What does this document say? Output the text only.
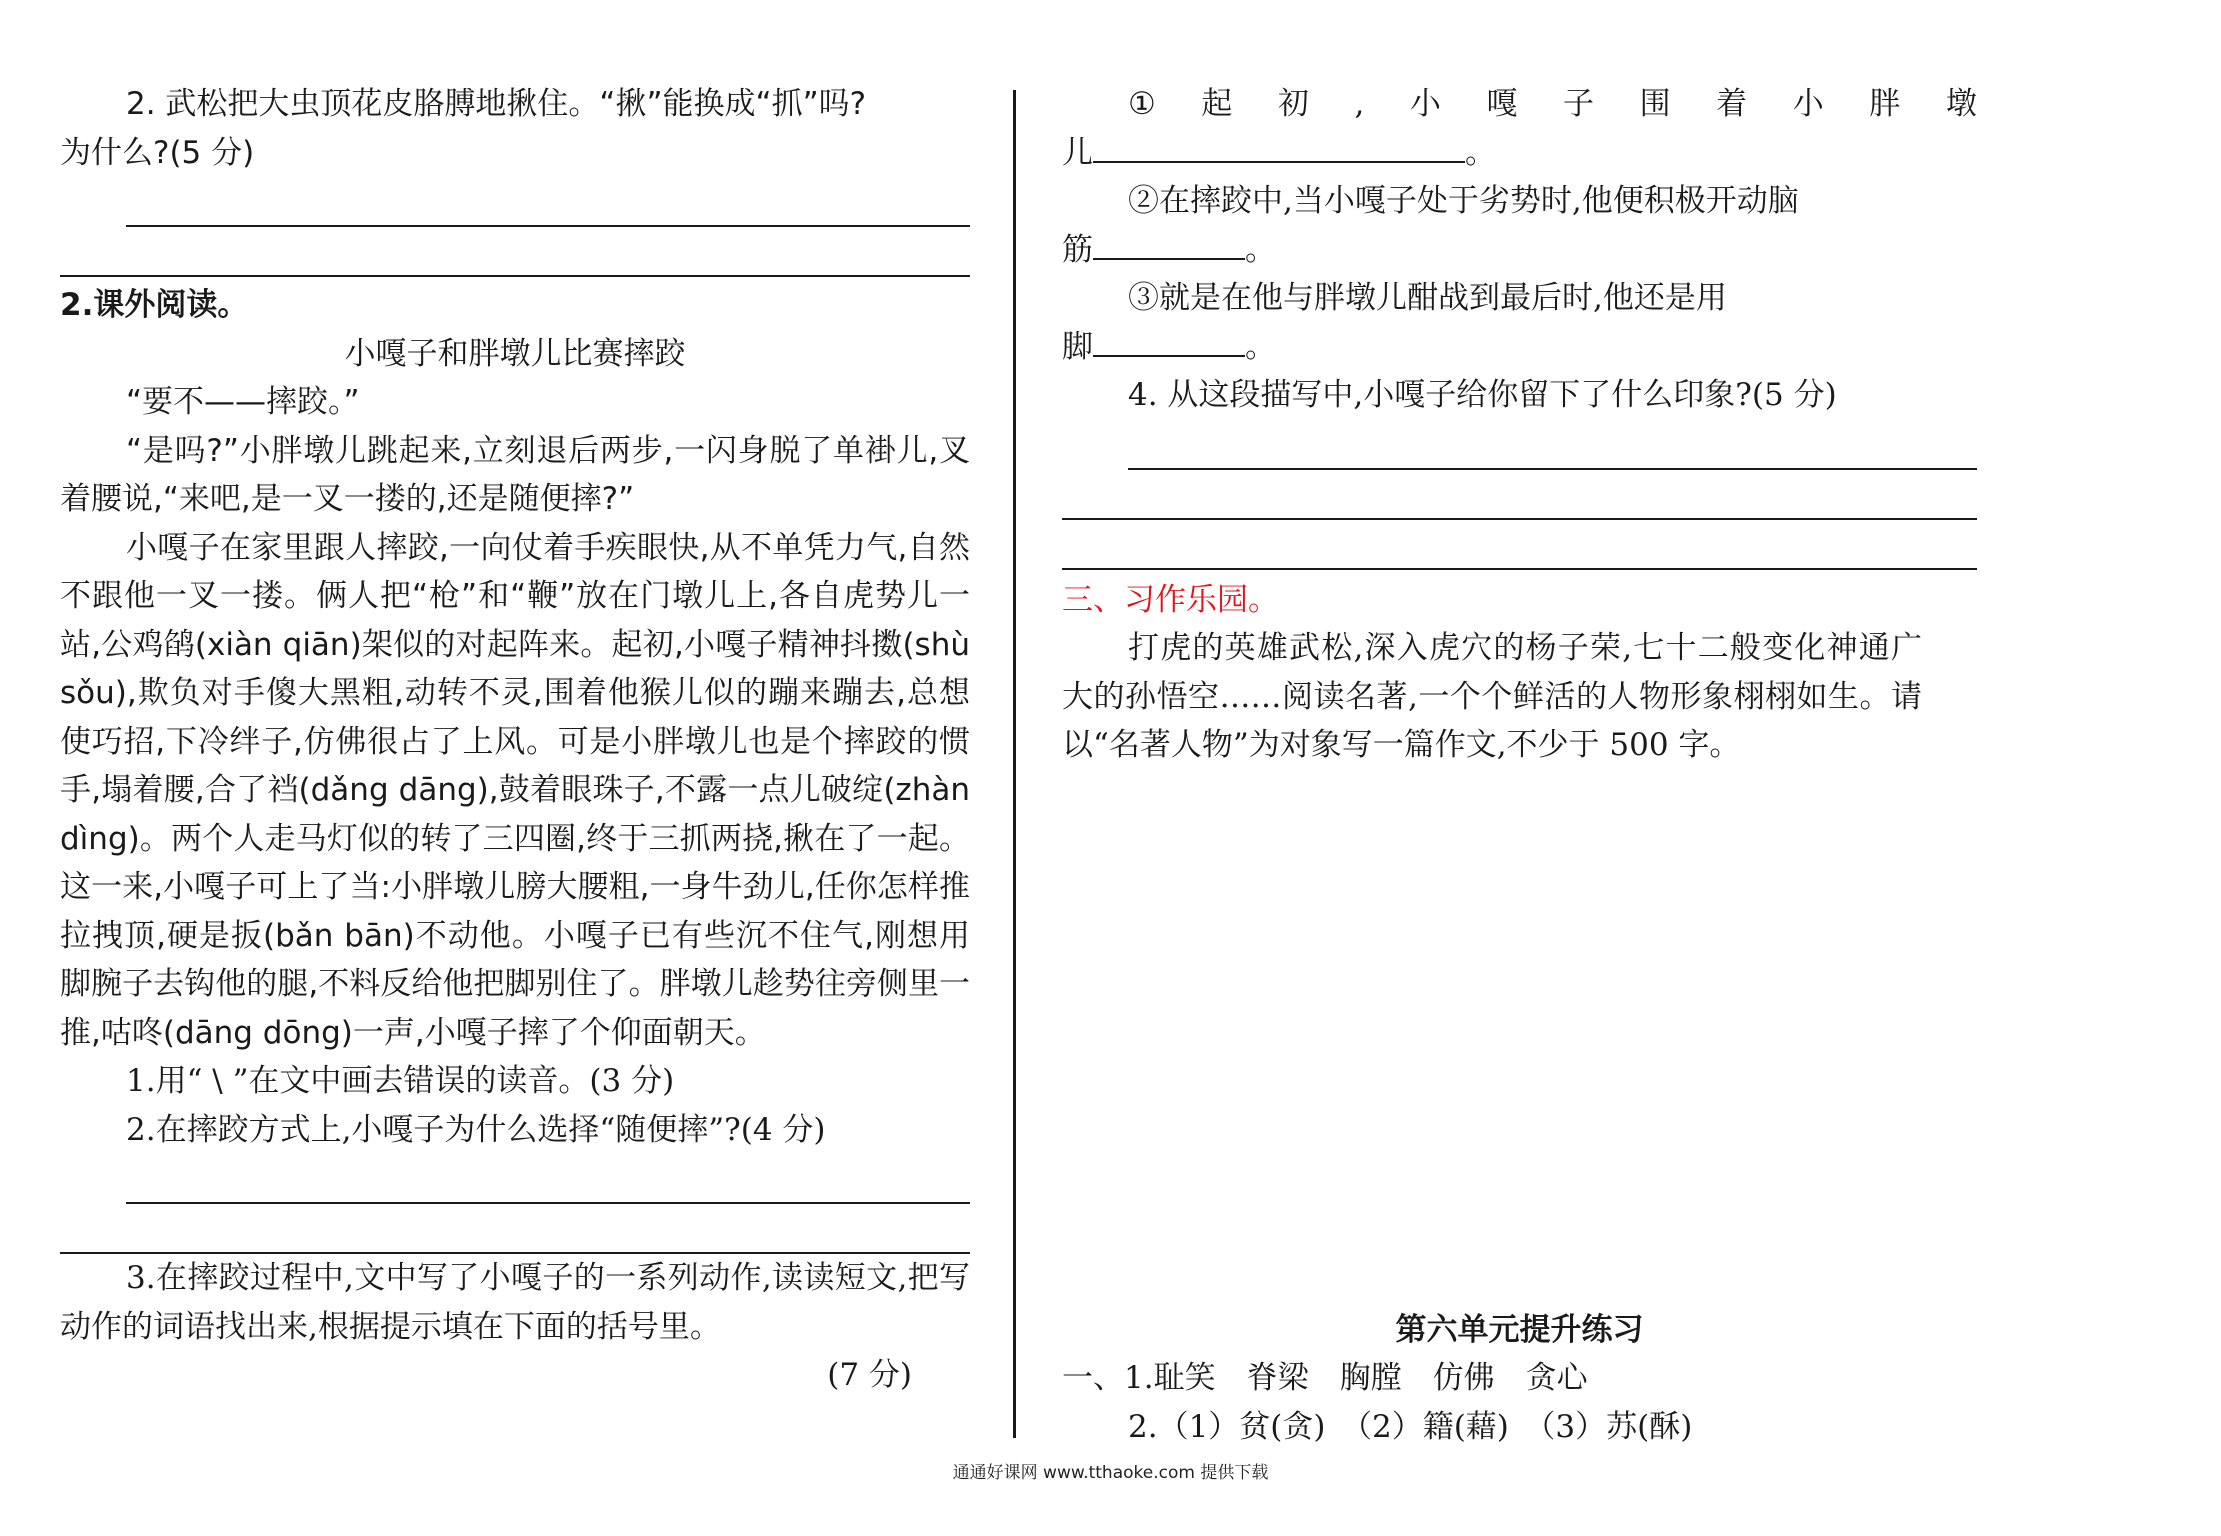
2. 武松把大虫顶花皮胳膊地揪住。“揪”能换成“抓”吗?

为什么?(5 分)

2.课外阅读。

小嘎子和胖墩儿比赛摔跤

“要不——摔跤。”

“是吗?”小胖墩儿跳起来,立刻退后两步,一闪身脱了单褂儿,叉着腰说,“来吧,是一叉一搂的,还是随便摔?”

小嘎子在家里跟人摔跤,一向仗着手疾眼快,从不单凭力气,自然不跟他一叉一搂。俩人把“枪”和“鞭”放在门墩儿上,各自虎势儿一站,公鸡鹐(xiàn qiān)架似的对起阵来。起初,小嘎子精神抖擞(shù sǒu),欺负对手傻大黑粗,动转不灵,围着他猴儿似的蹦来蹦去,总想使巧招,下冷绊子,仿佛很占了上风。可是小胖墩儿也是个摔跤的惯手,塌着腰,合了裆(dǎng dāng),鼓着眼珠子,不露一点儿破绽(zhàn dìng)。两个人走马灯似的转了三四圈,终于三抓两挠,揪在了一起。这一来,小嘎子可上了当:小胖墩儿膀大腰粗,一身牛劲儿,任你怎样推拉拽顶,硬是扳(bǎn bān)不动他。小嘎子已有些沉不住气,刚想用脚腕子去钩他的腿,不料反给他把脚别住了。胖墩儿趁势往旁侧里一推,咕咚(dāng dōng)一声,小嘎子摔了个仰面朝天。

1.用“ \ ”在文中画去错误的读音。(3 分)

2.在摔跤方式上,小嘎子为什么选择“随便摔”?(4 分)

3.在摔跤过程中,文中写了小嘎子的一系列动作,读读短文,把写动作的词语找出来,根据提示填在下面的括号里。

(7 分)

① 起 初 , 小 嘎 子 围 着 小 胖 墩

儿	。

②在摔跤中,当小嘎子处于劣势时,他便积极开动脑

筋	。

③就是在他与胖墩儿酣战到最后时,他还是用

脚	。

4. 从这段描写中,小嘎子给你留下了什么印象?(5 分)

三、习作乐园。

打虎的英雄武松,深入虎穴的杨子荣,七十二般变化神通广大的孙悟空……阅读名著,一个个鲜活的人物形象栩栩如生。请以“名著人物”为对象写一篇作文,不少于 500 字。

第六单元提升练习

一、1.耻笑　脊梁　胸膛　仿佛　贪心

2.（1）贫(贪)　（2）籍(藉)　（3）苏(酥)

通通好课网 www.tthaoke.com 提供下载
